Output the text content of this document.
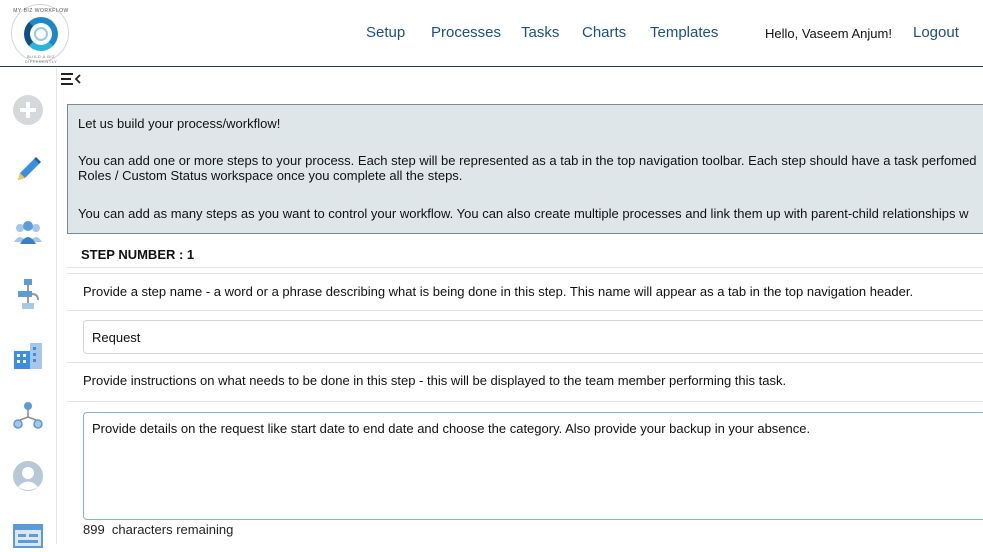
MY BIZ WORKFLOW
BUILD A BIZ DIFFERENTLY
Setup Processes Tasks Charts Templates	Hello, Vaseem Anjum! Logout

Let us build your process/workflow!

You can add one or more steps to your process. Each step will be represented as a tab in the top navigation toolbar. Each step should have a task perfomed

Roles / Custom Status workspace once you complete all the steps.

You can add as many steps as you want to control your workflow. You can also create multiple processes and link them up with parent-child relationships w

STEP NUMBER : 1
Provide a step name - a word or a phrase describing what is being done in this step. This name will appear as a tab in the top navigation header.
Request
Provide instructions on what needs to be done in this step - this will be displayed to the team member performing this task.
Provide details on the request like start date to end date and choose the category. Also provide your backup in your absence.
899  characters remaining
